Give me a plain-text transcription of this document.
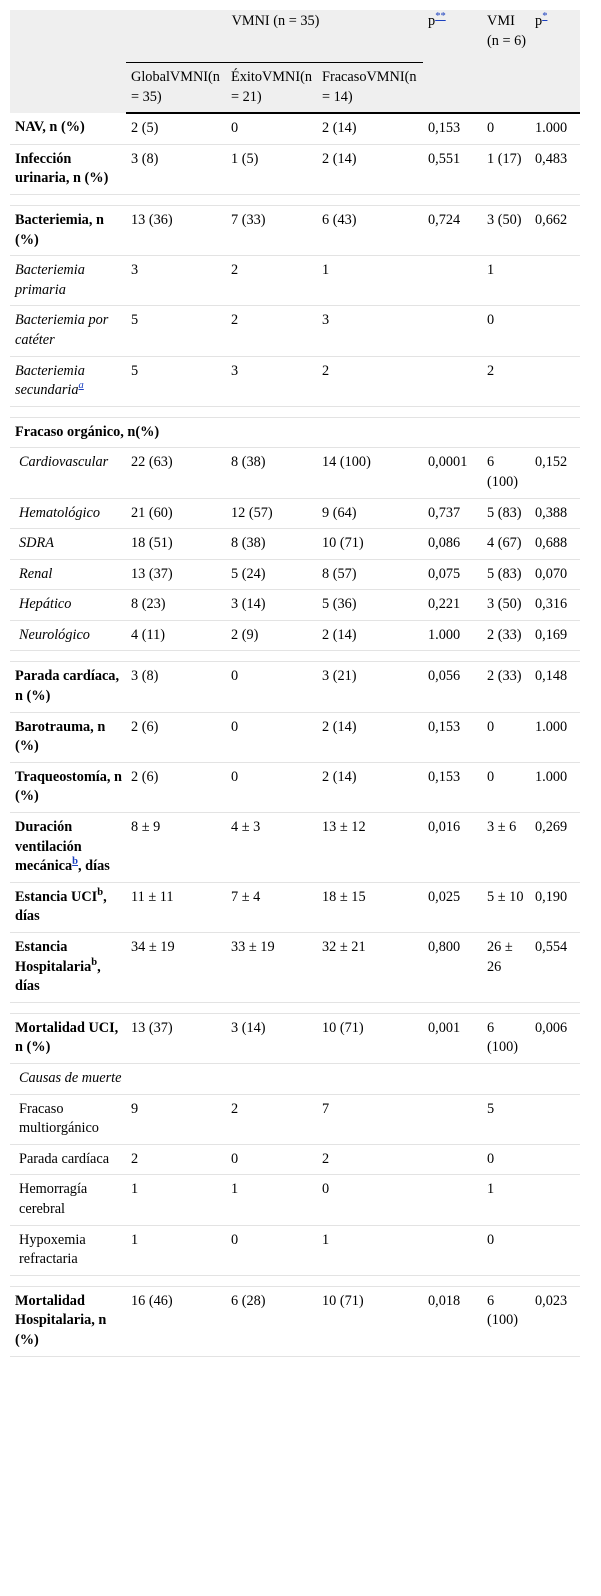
	VMNI (n = 35)			p**	VMI (n = 6)	p*
	GlobalVMNI(n = 35)	ÉxitoVMNI(n = 21)	FracasoVMNI(n = 14)			
NAV, n (%)	2 (5)	0	2 (14)	0,153	0	1.000
Infección urinaria, n (%)	3 (8)	1 (5)	2 (14)	0,551	1 (17)	0,483

Bacteriemia, n (%)	13 (36)	7 (33)	6 (43)	0,724	3 (50)	0,662
Bacteriemia primaria	3	2	1		1	
Bacteriemia por catéter	5	2	3		0	
Bacteriemia secundaria$^a$	5	3	2		2	

Fracaso orgánico, n(%)						
Cardiovascular	22 (63)	8 (38)	14 (100)	0,0001	6 (100)	0,152
Hematológico	21 (60)	12 (57)	9 (64)	0,737	5 (83)	0,388
SDRA	18 (51)	8 (38)	10 (71)	0,086	4 (67)	0,688
Renal	13 (37)	5 (24)	8 (57)	0,075	5 (83)	0,070
Hepático	8 (23)	3 (14)	5 (36)	0,221	3 (50)	0,316
Neurológico	4 (11)	2 (9)	2 (14)	1.000	2 (33)	0,169

Parada cardíaca, n (%)	3 (8)	0	3 (21)	0,056	2 (33)	0,148
Barotrauma, n (%)	2 (6)	0	2 (14)	0,153	0	1.000
Traqueostomía, n (%)	2 (6)	0	2 (14)	0,153	0	1.000
Duración ventilación mecánica$^b$, días	8 ± 9	4 ± 3	13 ± 12	0,016	3 ± 6	0,269
Estancia UCI$^b$, días	11 ± 11	7 ± 4	18 ± 15	0,025	5 ± 10	0,190
Estancia Hospitalaria$^b$, días	34 ± 19	33 ± 19	32 ± 21	0,800	26 ± 26	0,554

Mortalidad UCI, n (%)	13 (37)	3 (14)	10 (71)	0,001	6 (100)	0,006
Causas de muerte						
Fracaso multiorgánico	9	2	7		5	
Parada cardíaca	2	0	2		0	
Hemorragía cerebral	1	1	0		1	
Hypoxemia refractaria	1	0	1		0	

Mortalidad Hospitalaria, n (%)	16 (46)	6 (28)	10 (71)	0,018	6 (100)	0,023
